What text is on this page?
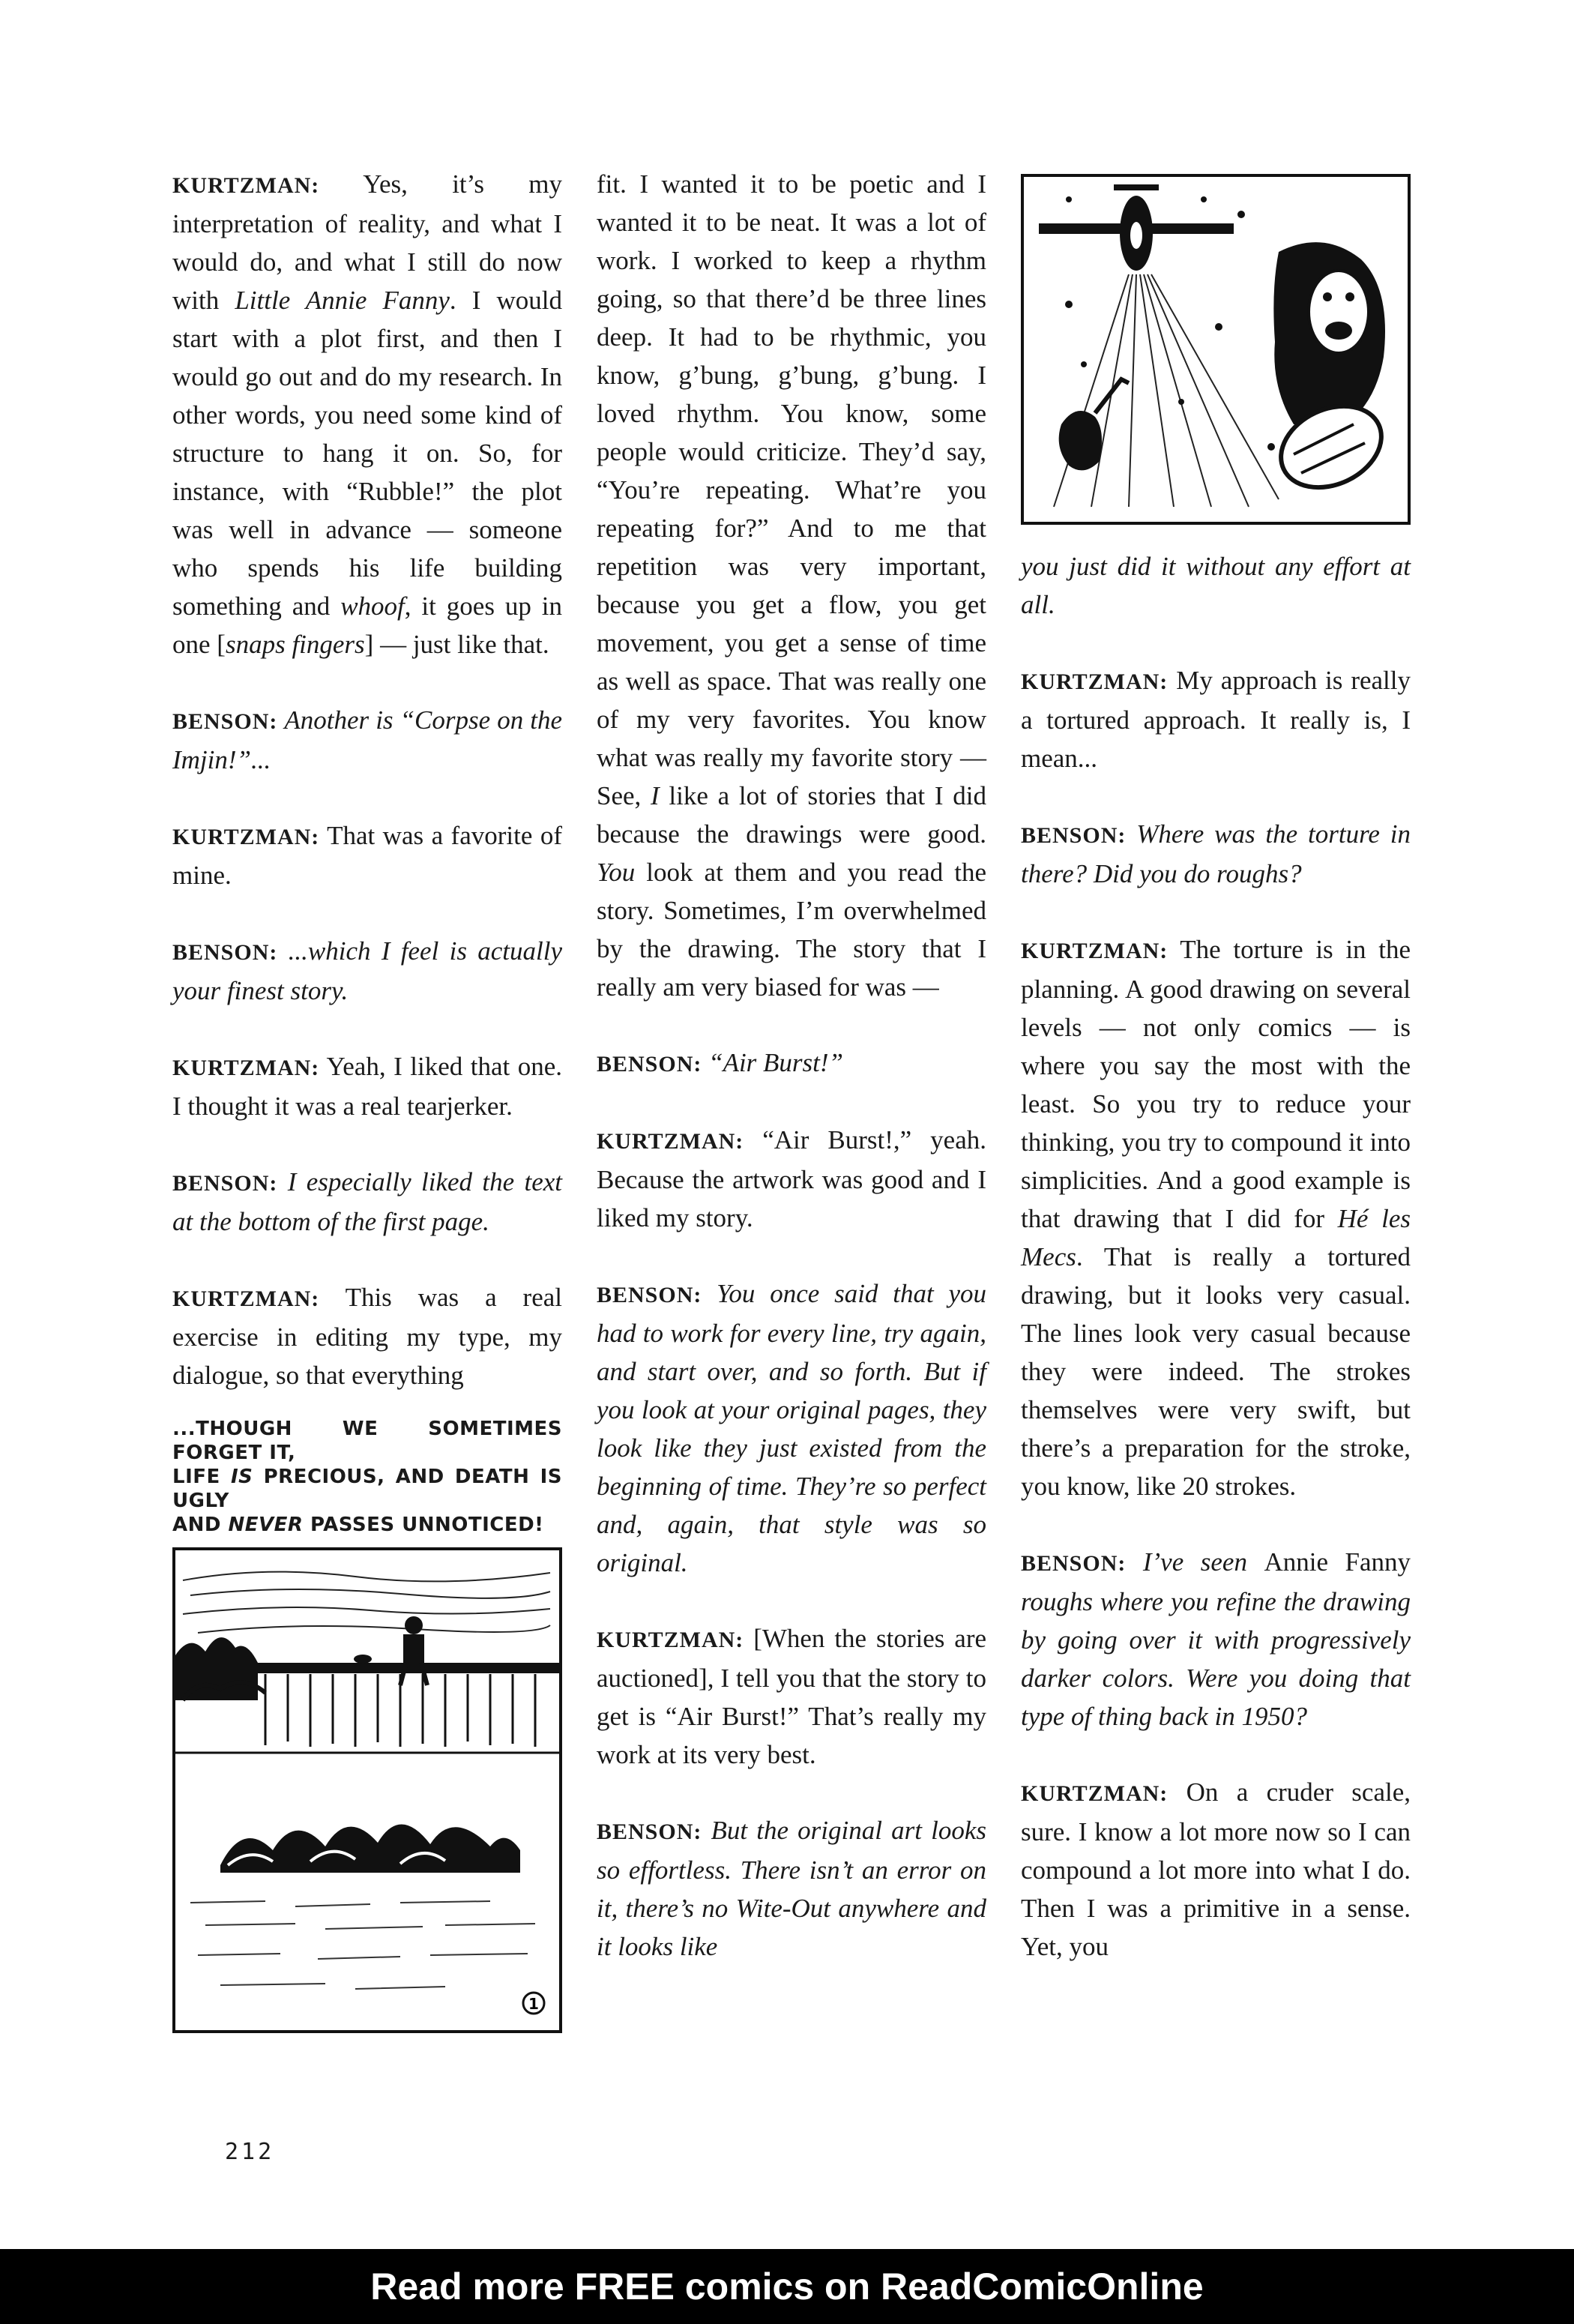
KURTZMAN: Yes, it’s my interpretation of reality, and what I would do, and what I still do now with Little Annie Fanny. I would start with a plot first, and then I would go out and do my research. In other words, you need some kind of structure to hang it on. So, for instance, with “Rubble!” the plot was well in advance — someone who spends his life building something and whoof, it goes up in one [snaps fingers] — just like that.

BENSON: Another is “Corpse on the Imjin!”...

KURTZMAN: That was a favorite of mine.

BENSON: ...which I feel is actually your finest story.

KURTZMAN: Yeah, I liked that one. I thought it was a real tearjerker.

BENSON: I especially liked the text at the bottom of the first page.

KURTZMAN: This was a real exercise in editing my type, my dialogue, so that everything

...THOUGH WE SOMETIMES FORGET IT,
LIFE IS PRECIOUS, AND DEATH IS UGLY
AND NEVER PASSES UNNOTICED!
1

fit. I wanted it to be poetic and I wanted it to be neat. It was a lot of work. I worked to keep a rhythm going, so that there’d be three lines deep. It had to be rhythmic, you know, g’bung, g’bung, g’bung. I loved rhythm. You know, some people would criticize. They’d say, “You’re repeating. What’re you repeating for?” And to me that repetition was very important, because you get a flow, you get movement, you get a sense of time as well as space. That was really one of my very favorites. You know what was really my favorite story — See, I like a lot of stories that I did because the drawings were good. You look at them and you read the story. Sometimes, I’m overwhelmed by the drawing. The story that I really am very biased for was —

BENSON: “Air Burst!”

KURTZMAN: “Air Burst!,” yeah. Because the artwork was good and I liked my story.

BENSON: You once said that you had to work for every line, try again, and start over, and so forth. But if you look at your original pages, they look like they just existed from the beginning of time. They’re so perfect and, again, that style was so original.

KURTZMAN: [When the stories are auctioned], I tell you that the story to get is “Air Burst!” That’s really my work at its very best.

BENSON: But the original art looks so effortless. There isn’t an error on it, there’s no Wite-Out anywhere and it looks like

you just did it without any effort at all.

KURTZMAN: My approach is really a tortured approach. It really is, I mean...

BENSON: Where was the torture in there? Did you do roughs?

KURTZMAN: The torture is in the planning. A good drawing on several levels — not only comics — is where you say the most with the least. So you try to reduce your thinking, you try to compound it into simplicities. And a good example is that drawing that I did for Hé les Mecs. That is really a tortured drawing, but it looks very casual. The lines look very casual because they were indeed. The strokes themselves were very swift, but there’s a preparation for the stroke, you know, like 20 strokes.

BENSON: I’ve seen Annie Fanny roughs where you refine the drawing by going over it with progressively darker colors. Were you doing that type of thing back in 1950?

KURTZMAN: On a cruder scale, sure. I know a lot more now so I can compound a lot more into what I do. Then I was a primitive in a sense. Yet, you

212
Read more FREE comics on ReadComicOnline
